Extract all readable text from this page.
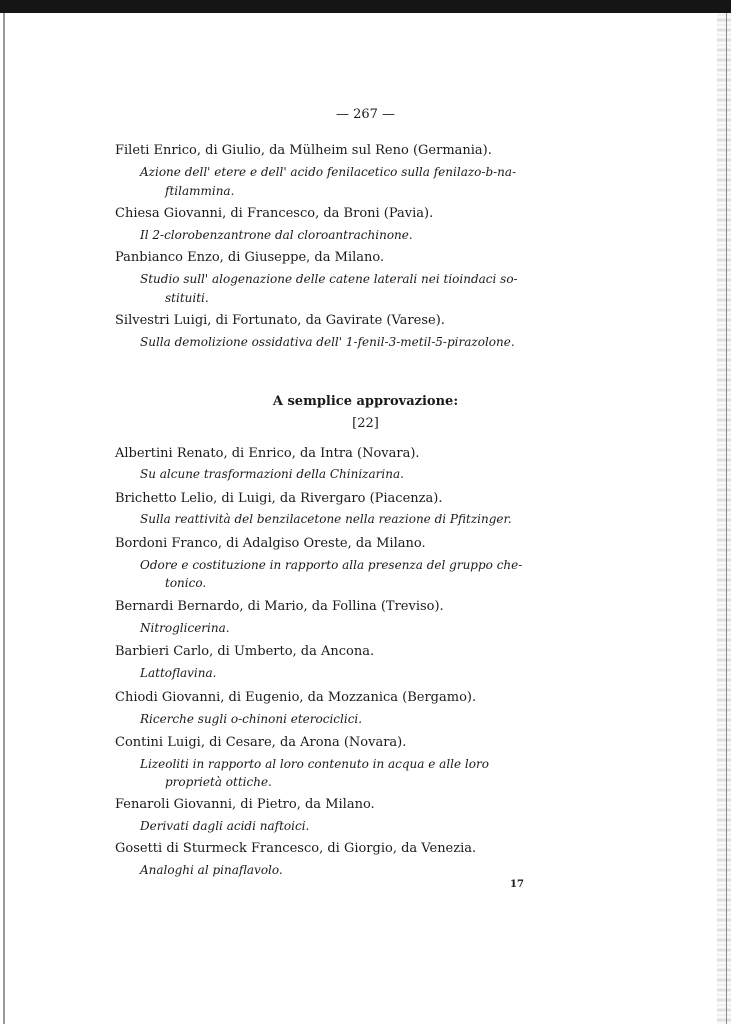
— 267 —
Fileti Enrico, di Giulio, da Mülheim sul Reno (Germania).
Azione dell' etere e dell' acido fenilacetico sulla fenilazo-b-na-
ftilammina.
Chiesa Giovanni, di Francesco, da Broni (Pavia).
Il 2-clorobenzantrone dal cloroantrachinone.
Panbianco Enzo, di Giuseppe, da Milano.
Studio sull' alogenazione delle catene laterali nei tioindaci so-
stituiti.
Silvestri Luigi, di Fortunato, da Gavirate (Varese).
Sulla demolizione ossidativa dell' 1-fenil-3-metil-5-pirazolone.
A semplice approvazione:
[22]
Albertini Renato, di Enrico, da Intra (Novara).
Su alcune trasformazioni della Chinizarina.
Brichetto Lelio, di Luigi, da Rivergaro (Piacenza).
Sulla reattività del benzilacetone nella reazione di Pfitzinger.
Bordoni Franco, di Adalgiso Oreste, da Milano.
Odore e costituzione in rapporto alla presenza del gruppo che-
tonico.
Bernardi Bernardo, di Mario, da Follina (Treviso).
Nitroglicerina.
Barbieri Carlo, di Umberto, da Ancona.
Lattoflavina.
Chiodi Giovanni, di Eugenio, da Mozzanica (Bergamo).
Ricerche sugli o-chinoni eterociclici.
Contini Luigi, di Cesare, da Arona (Novara).
Lizeoliti in rapporto al loro contenuto in acqua e alle loro
proprietà ottiche.
Fenaroli Giovanni, di Pietro, da Milano.
Derivati dagli acidi naftoici.
Gosetti di Sturmeck Francesco, di Giorgio, da Venezia.
Analoghi al pinaflavolo.
17
